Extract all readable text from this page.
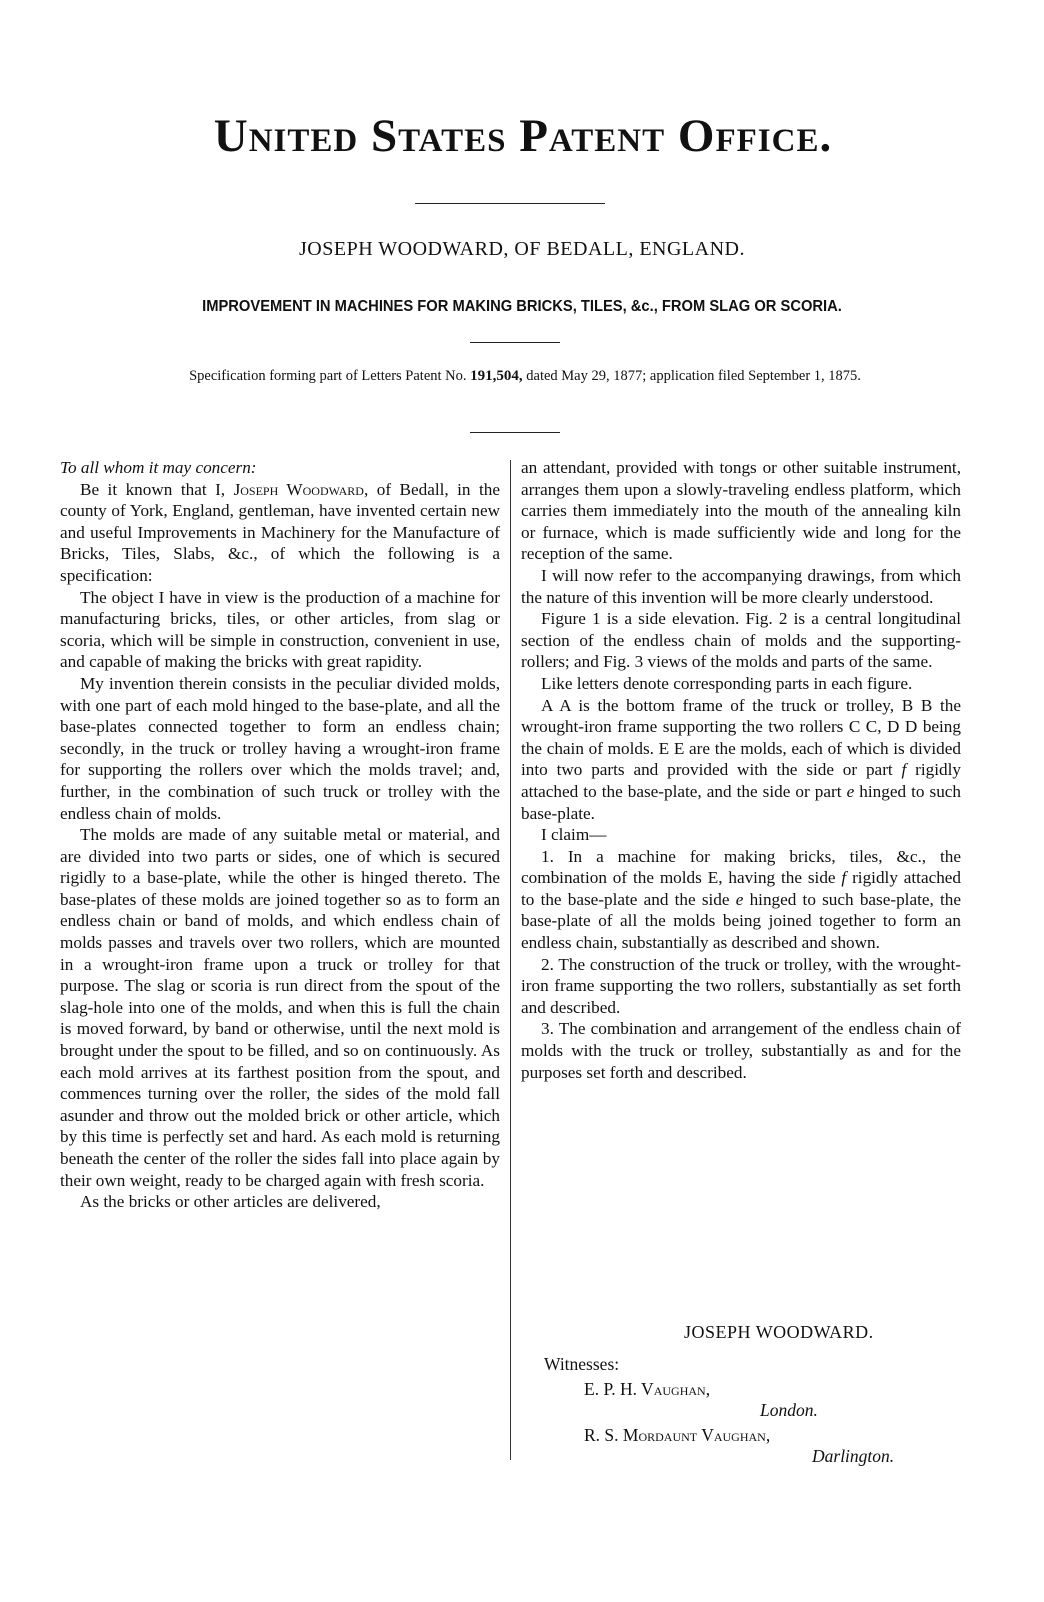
United States Patent Office.
JOSEPH WOODWARD, OF BEDALL, ENGLAND.
IMPROVEMENT IN MACHINES FOR MAKING BRICKS, TILES, &c., FROM SLAG OR SCORIA.
Specification forming part of Letters Patent No. 191,504, dated May 29, 1877; application filed September 1, 1875.

To all whom it may concern:

Be it known that I, Joseph Woodward, of Bedall, in the county of York, England, gentleman, have invented certain new and useful Improvements in Machinery for the Manufacture of Bricks, Tiles, Slabs, &c., of which the following is a specification:

The object I have in view is the production of a machine for manufacturing bricks, tiles, or other articles, from slag or scoria, which will be simple in construction, convenient in use, and capable of making the bricks with great rapidity.

My invention therein consists in the peculiar divided molds, with one part of each mold hinged to the base-plate, and all the base-plates connected together to form an endless chain; secondly, in the truck or trolley having a wrought-iron frame for supporting the rollers over which the molds travel; and, further, in the combination of such truck or trolley with the endless chain of molds.

The molds are made of any suitable metal or material, and are divided into two parts or sides, one of which is secured rigidly to a base-plate, while the other is hinged thereto. The base-plates of these molds are joined together so as to form an endless chain or band of molds, and which endless chain of molds passes and travels over two rollers, which are mounted in a wrought-iron frame upon a truck or trolley for that purpose. The slag or scoria is run direct from the spout of the slag-hole into one of the molds, and when this is full the chain is moved forward, by band or otherwise, until the next mold is brought under the spout to be filled, and so on continuously. As each mold arrives at its farthest position from the spout, and commences turning over the roller, the sides of the mold fall asunder and throw out the molded brick or other article, which by this time is perfectly set and hard. As each mold is returning beneath the center of the roller the sides fall into place again by their own weight, ready to be charged again with fresh scoria.

As the bricks or other articles are delivered,

an attendant, provided with tongs or other suitable instrument, arranges them upon a slowly-traveling endless platform, which carries them immediately into the mouth of the annealing kiln or furnace, which is made sufficiently wide and long for the reception of the same.

I will now refer to the accompanying drawings, from which the nature of this invention will be more clearly understood.

Figure 1 is a side elevation. Fig. 2 is a central longitudinal section of the endless chain of molds and the supporting-rollers; and Fig. 3 views of the molds and parts of the same.

Like letters denote corresponding parts in each figure.

A A is the bottom frame of the truck or trolley, B B the wrought-iron frame supporting the two rollers C C, D D being the chain of molds. E E are the molds, each of which is divided into two parts and provided with the side or part f rigidly attached to the base-plate, and the side or part e hinged to such base-plate.

I claim—

1. In a machine for making bricks, tiles, &c., the combination of the molds E, having the side f rigidly attached to the base-plate and the side e hinged to such base-plate, the base-plate of all the molds being joined together to form an endless chain, substantially as described and shown.

2. The construction of the truck or trolley, with the wrought-iron frame supporting the two rollers, substantially as set forth and described.

3. The combination and arrangement of the endless chain of molds with the truck or trolley, substantially as and for the purposes set forth and described.

JOSEPH WOODWARD.
Witnesses:
E. P. H. Vaughan,
London.
R. S. Mordaunt Vaughan,
Darlington.
